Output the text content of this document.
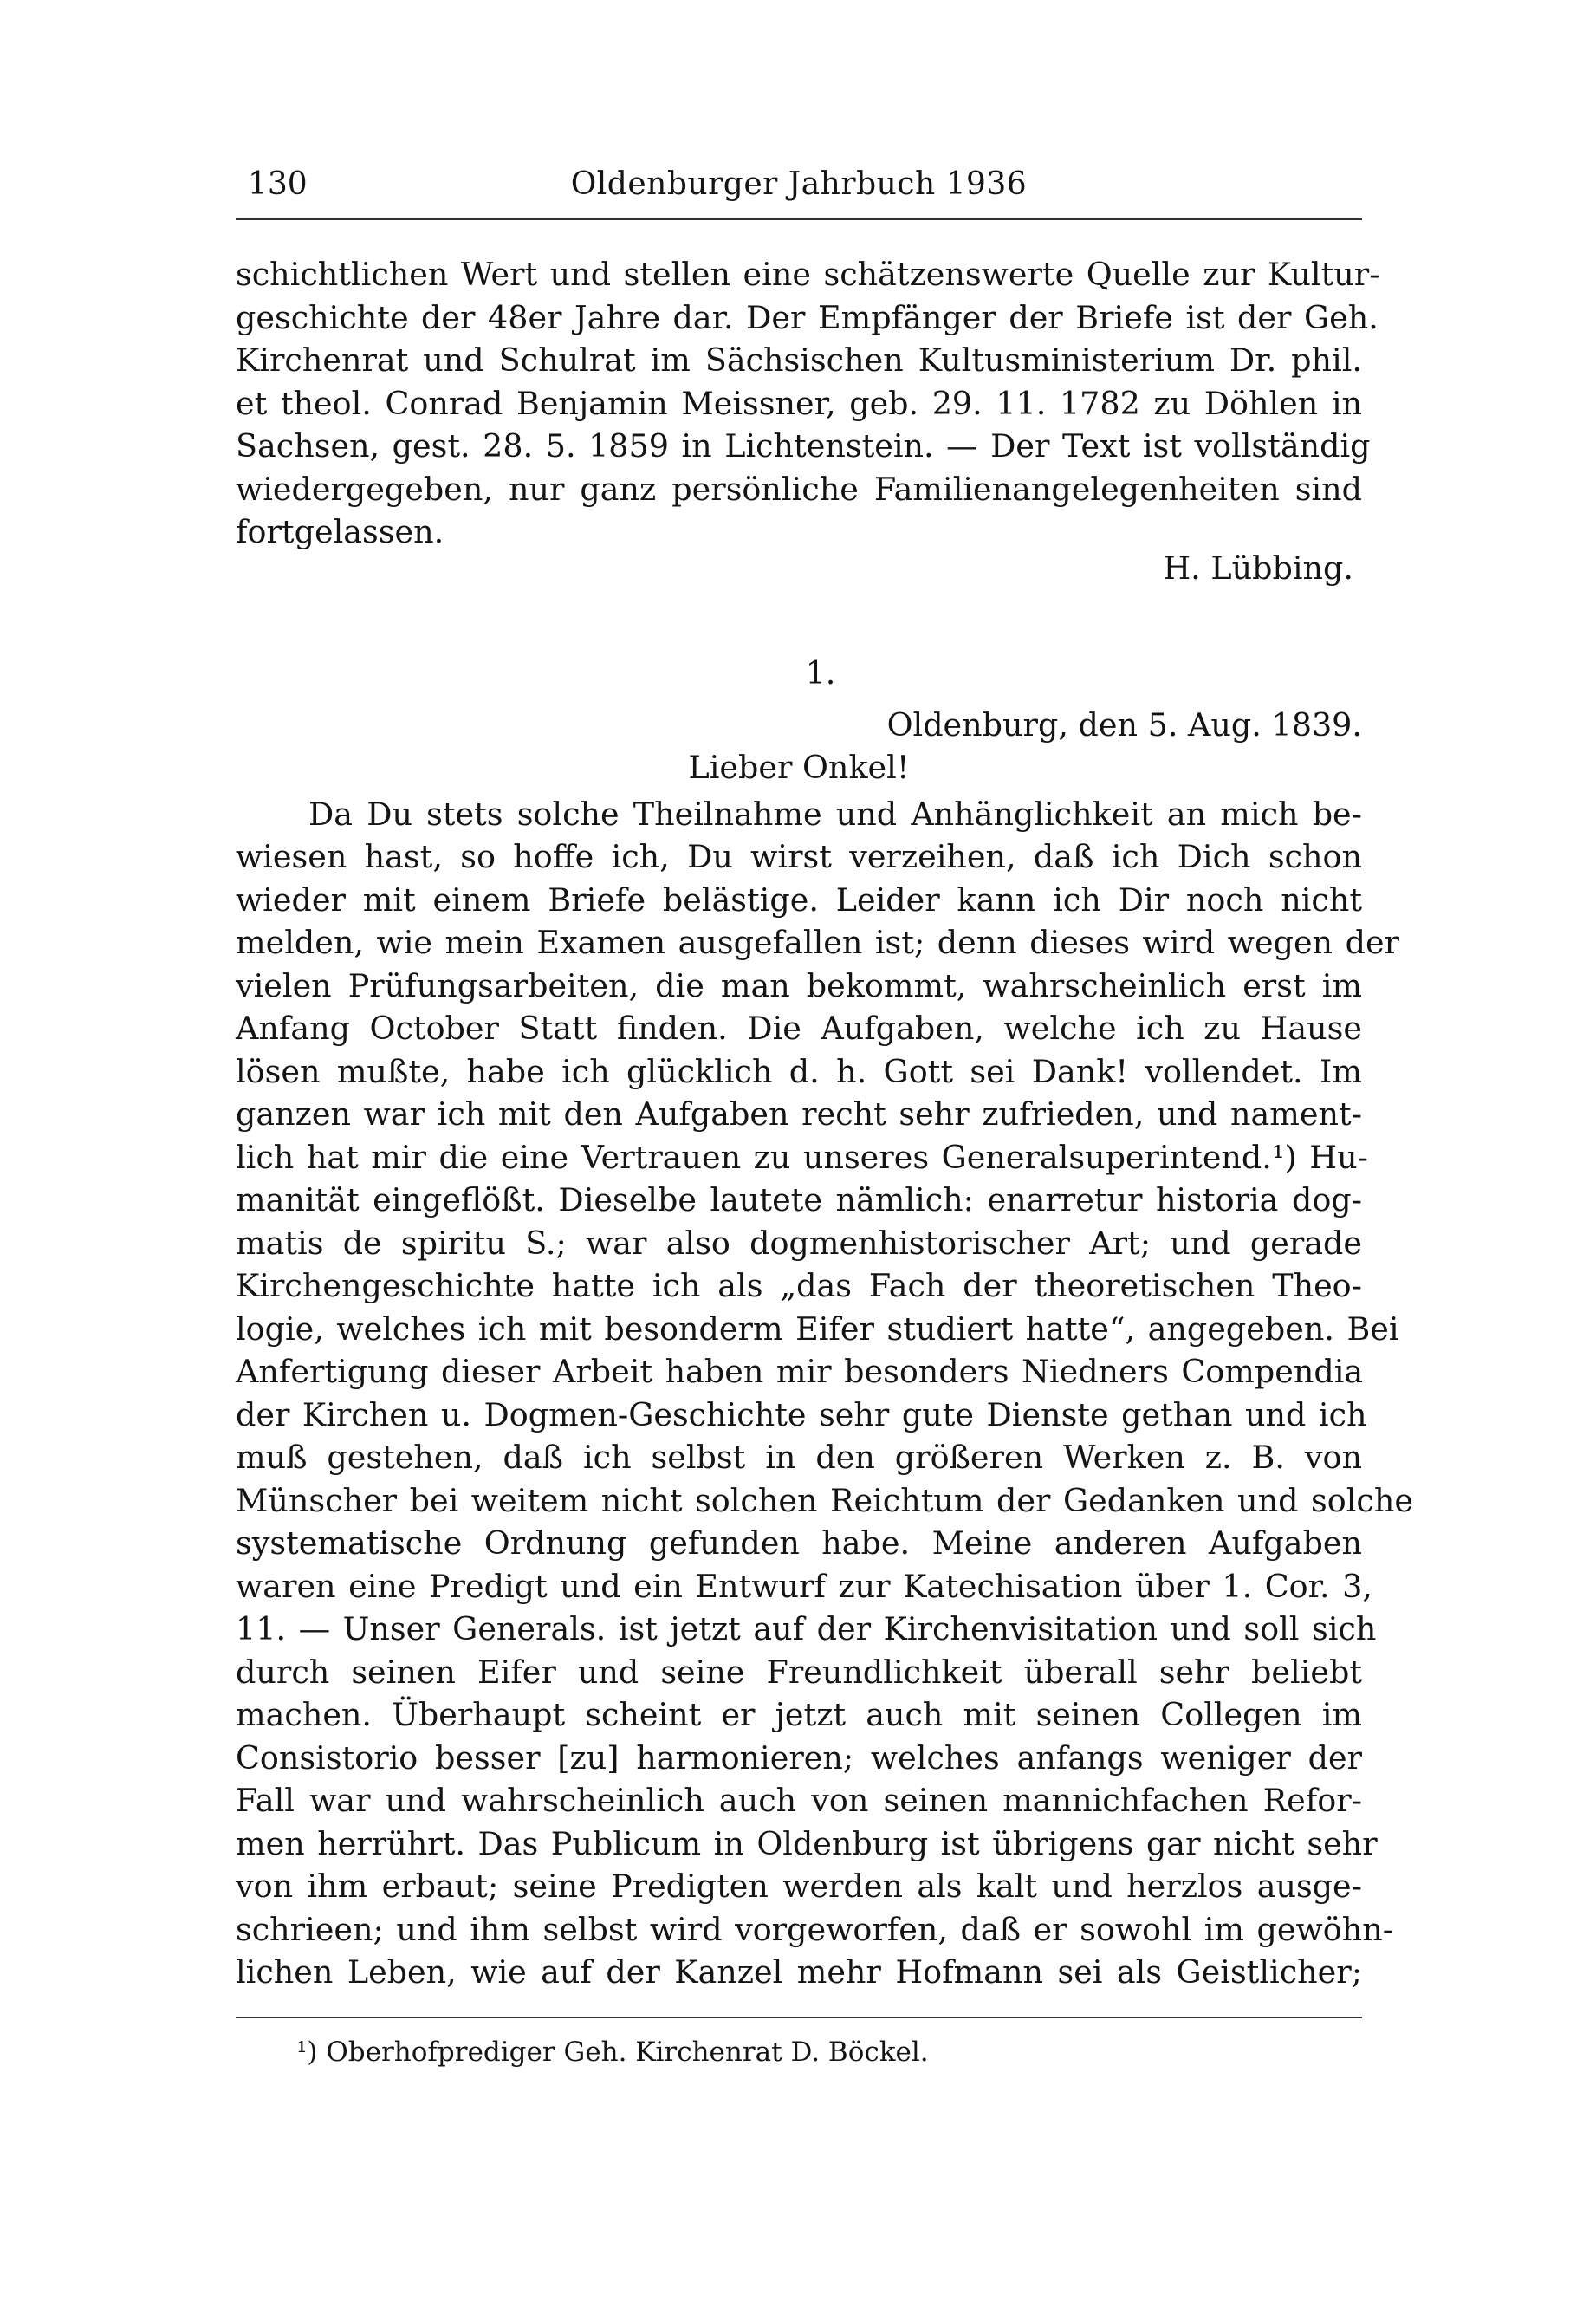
130	Oldenburger Jahrbuch 1936
schichtlichen Wert und stellen eine schätzenswerte Quelle zur Kultur-
geschichte der 48er Jahre dar. Der Empfänger der Briefe ist der Geh.
Kirchenrat und Schulrat im Sächsischen Kultusministerium Dr. phil.
et theol. Conrad Benjamin Meissner, geb. 29. 11. 1782 zu Döhlen in
Sachsen, gest. 28. 5. 1859 in Lichtenstein. — Der Text ist vollständig
wiedergegeben, nur ganz persönliche Familienangelegenheiten sind
fortgelassen.
H. Lübbing.
1.
Oldenburg, den 5. Aug. 1839.
Lieber Onkel!
Da Du stets solche Theilnahme und Anhänglichkeit an mich be-
wiesen hast, so hoffe ich, Du wirst verzeihen, daß ich Dich schon
wieder mit einem Briefe belästige. Leider kann ich Dir noch nicht
melden, wie mein Examen ausgefallen ist; denn dieses wird wegen der
vielen Prüfungsarbeiten, die man bekommt, wahrscheinlich erst im
Anfang October Statt finden. Die Aufgaben, welche ich zu Hause
lösen mußte, habe ich glücklich d. h. Gott sei Dank! vollendet. Im
ganzen war ich mit den Aufgaben recht sehr zufrieden, und nament-
lich hat mir die eine Vertrauen zu unseres Generalsuperintend.¹) Hu-
manität eingeflößt. Dieselbe lautete nämlich: enarretur historia dog-
matis de spiritu S.; war also dogmenhistorischer Art; und gerade
Kirchengeschichte hatte ich als „das Fach der theoretischen Theo-
logie, welches ich mit besonderm Eifer studiert hatte“, angegeben. Bei
Anfertigung dieser Arbeit haben mir besonders Niedners Compendia
der Kirchen u. Dogmen-Geschichte sehr gute Dienste gethan und ich
muß gestehen, daß ich selbst in den größeren Werken z. B. von
Münscher bei weitem nicht solchen Reichtum der Gedanken und solche
systematische Ordnung gefunden habe. Meine anderen Aufgaben
waren eine Predigt und ein Entwurf zur Katechisation über 1. Cor. 3,
11. — Unser Generals. ist jetzt auf der Kirchenvisitation und soll sich
durch seinen Eifer und seine Freundlichkeit überall sehr beliebt
machen. Überhaupt scheint er jetzt auch mit seinen Collegen im
Consistorio besser [zu] harmonieren; welches anfangs weniger der
Fall war und wahrscheinlich auch von seinen mannichfachen Refor-
men herrührt. Das Publicum in Oldenburg ist übrigens gar nicht sehr
von ihm erbaut; seine Predigten werden als kalt und herzlos ausge-
schrieen; und ihm selbst wird vorgeworfen, daß er sowohl im gewöhn-
lichen Leben, wie auf der Kanzel mehr Hofmann sei als Geistlicher;
¹) Oberhofprediger Geh. Kirchenrat D. Böckel.
